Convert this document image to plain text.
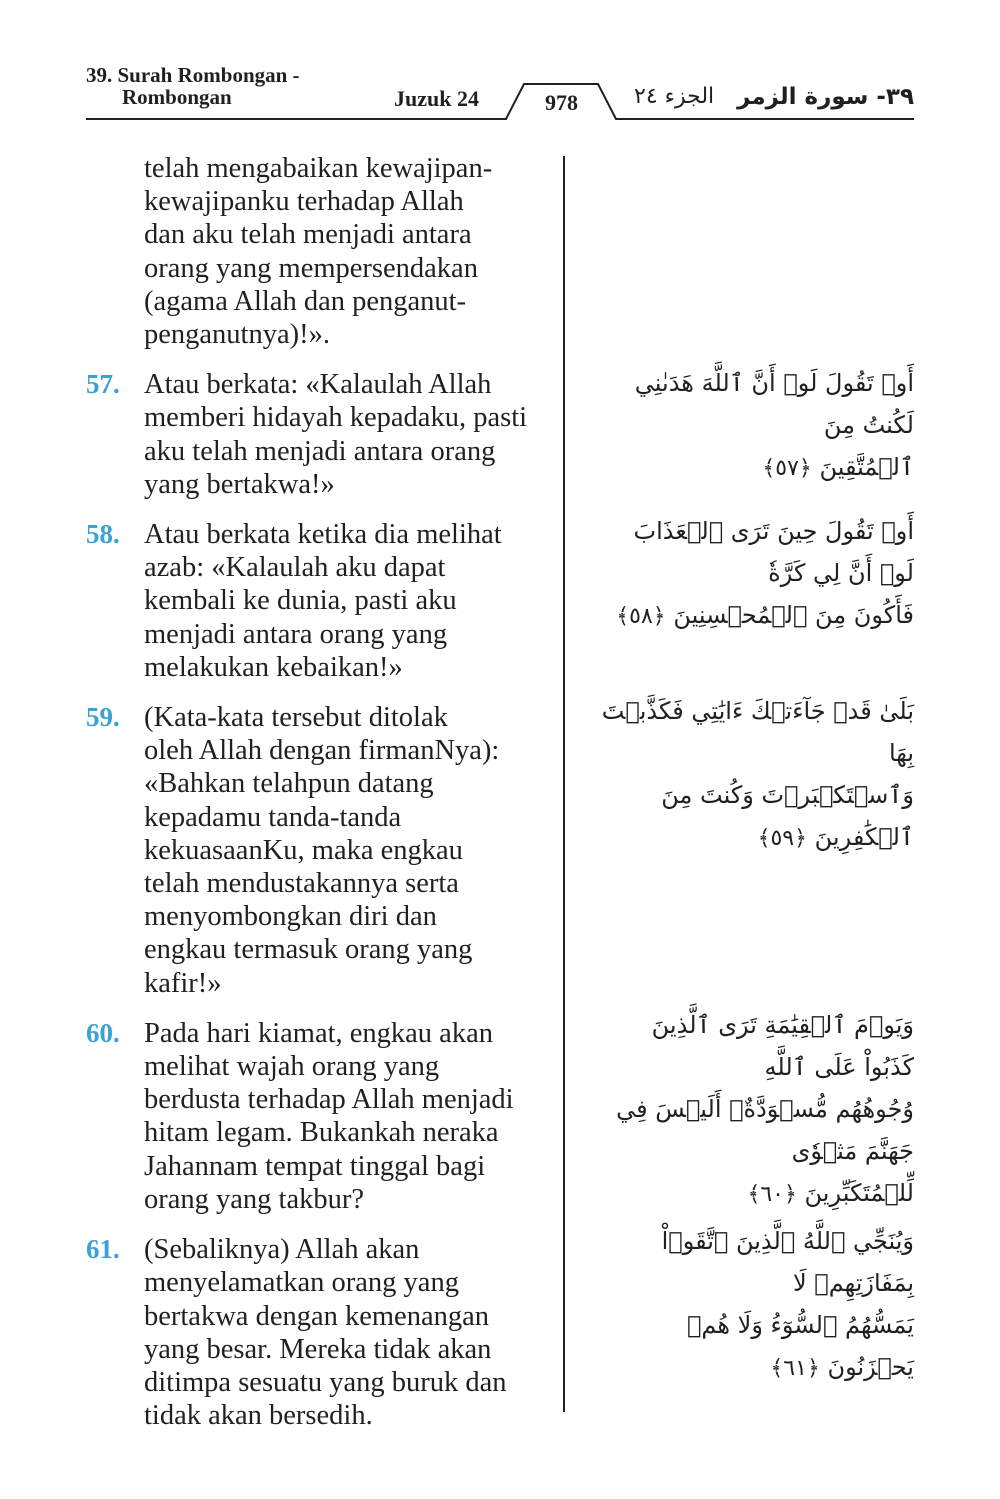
39. Surah Rombongan -
Rombongan	Juzuk 24	978	الجزء ٢٤ ٣٩- سورة الزمر
telah mengabaikan kewajipan-
kewajipanku terhadap Allah
dan aku telah menjadi antara
orang yang mempersendakan
(agama Allah dan penganut-
penganutnya)!».
57. Atau berkata: «Kalaulah Allah
memberi hidayah kepadaku, pasti
aku telah menjadi antara orang
yang bertakwa!»
58. Atau berkata ketika dia melihat
azab: «Kalaulah aku dapat
kembali ke dunia, pasti aku
menjadi antara orang yang
melakukan kebaikan!»
59. (Kata-kata tersebut ditolak
oleh Allah dengan firmanNya):
«Bahkan telahpun datang
kepadamu tanda-tanda
kekuasaanKu, maka engkau
telah mendustakannya serta
menyombongkan diri dan
engkau termasuk orang yang
kafir!»
60. Pada hari kiamat, engkau akan
melihat wajah orang yang
berdusta terhadap Allah menjadi
hitam legam. Bukankah neraka
Jahannam tempat tinggal bagi
orang yang takbur?
61. (Sebaliknya) Allah akan
menyelamatkan orang yang
bertakwa dengan kemenangan
yang besar. Mereka tidak akan
ditimpa sesuatu yang buruk dan
tidak akan bersedih.
أَوۡ تَقُولَ لَوۡ أَنَّ ٱللَّهَ هَدَىٰنِي لَكُنتُ مِنَ
ٱلۡمُتَّقِينَ ﴿٥٧﴾
أَوۡ تَقُولَ حِينَ تَرَى ٱلۡعَذَابَ لَوۡ أَنَّ لِي كَرَّةٗ
فَأَكُونَ مِنَ ٱلۡمُحۡسِنِينَ ﴿٥٨﴾
بَلَىٰ قَدۡ جَآءَتۡكَ ءَايَٰتِي فَكَذَّبۡتَ بِهَا
وَٱسۡتَكۡبَرۡتَ وَكُنتَ مِنَ ٱلۡكَٰفِرِينَ ﴿٥٩﴾
وَيَوۡمَ ٱلۡقِيَٰمَةِ تَرَى ٱلَّذِينَ كَذَبُواْ عَلَى ٱللَّهِ
وُجُوهُهُم مُّسۡوَدَّةٌۚ أَلَيۡسَ فِي جَهَنَّمَ مَثۡوٗى
لِّلۡمُتَكَبِّرِينَ ﴿٦٠﴾
وَيُنَجِّي ٱللَّهُ ٱلَّذِينَ ٱتَّقَوۡاْ بِمَفَازَتِهِمۡ لَا
يَمَسُّهُمُ ٱلسُّوٓءُ وَلَا هُمۡ يَحۡزَنُونَ ﴿٦١﴾
